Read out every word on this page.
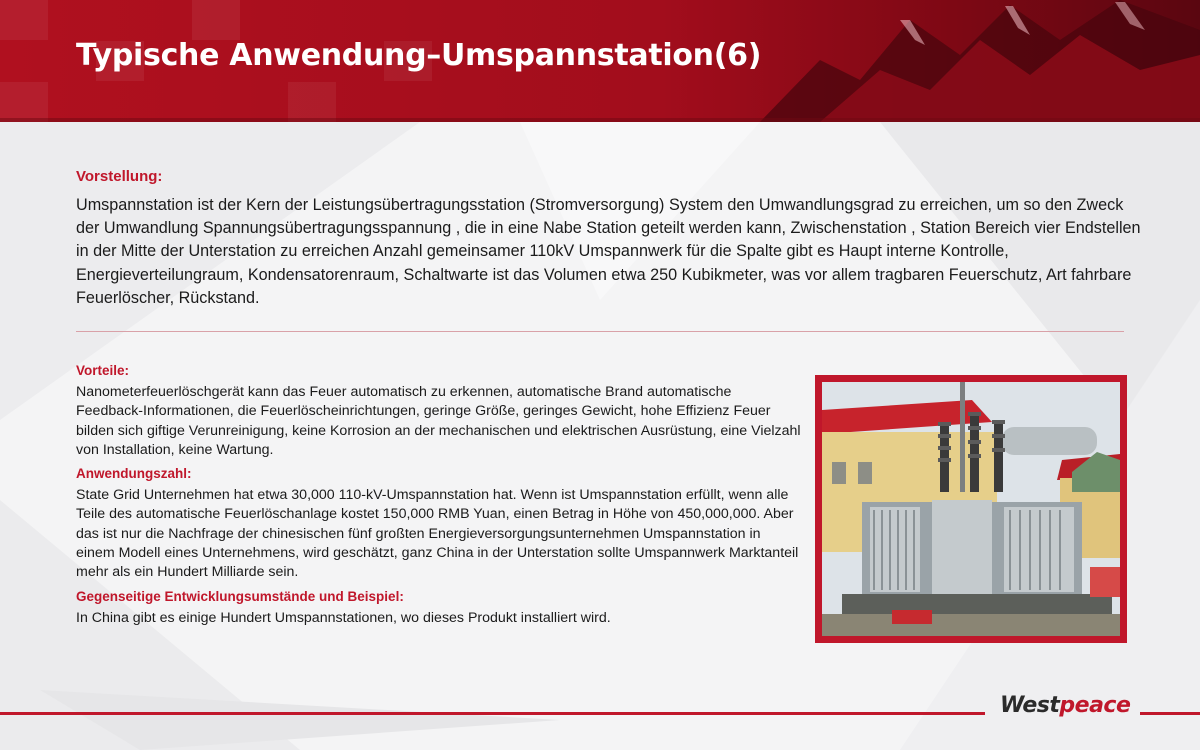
Typische Anwendung–Umspannstation(6)
Vorstellung:

Umspannstation ist der Kern der Leistungsübertragungsstation (Stromversorgung) System den Umwandlungsgrad zu erreichen, um so den Zweck der Umwandlung Spannungsübertragungsspannung , die in eine Nabe Station geteilt werden kann, Zwischenstation , Station Bereich vier Endstellen in der Mitte der Unterstation zu erreichen Anzahl gemeinsamer 110kV Umspannwerk für die Spalte gibt es Haupt interne Kontrolle, Energieverteilungraum, Kondensatorenraum, Schaltwarte ist das Volumen etwa 250 Kubikmeter, was vor allem tragbaren Feuerschutz, Art fahrbare Feuerlöscher, Rückstand.

Vorteile:

Nanometerfeuerlöschgerät kann das Feuer automatisch zu erkennen, automatische Brand automatische Feedback-Informationen, die Feuerlöscheinrichtungen, geringe Größe, geringes Gewicht, hohe Effizienz Feuer bilden sich giftige Verunreinigung, keine Korrosion an der mechanischen und elektrischen Ausrüstung, eine Vielzahl von Installation, keine Wartung.

Anwendungszahl:

State Grid Unternehmen hat etwa 30,000 110-kV-Umspannstation hat. Wenn ist Umspannstation erfüllt, wenn alle Teile des automatische Feuerlöschanlage kostet 150,000 RMB Yuan, einen Betrag in Höhe von 450,000,000. Aber das ist nur die Nachfrage der chinesischen fünf großten Energieversorgungsunternehmen Umspannstation in einem Modell eines Unternehmens, wird geschätzt, ganz China in der Unterstation sollte Umspannwerk Marktanteil mehr als ein Hundert Milliarde sein.

Gegenseitige Entwicklungsumstände und Beispiel:

In China gibt es einige Hundert Umspannstationen, wo dieses Produkt installiert wird.

Westpeace
